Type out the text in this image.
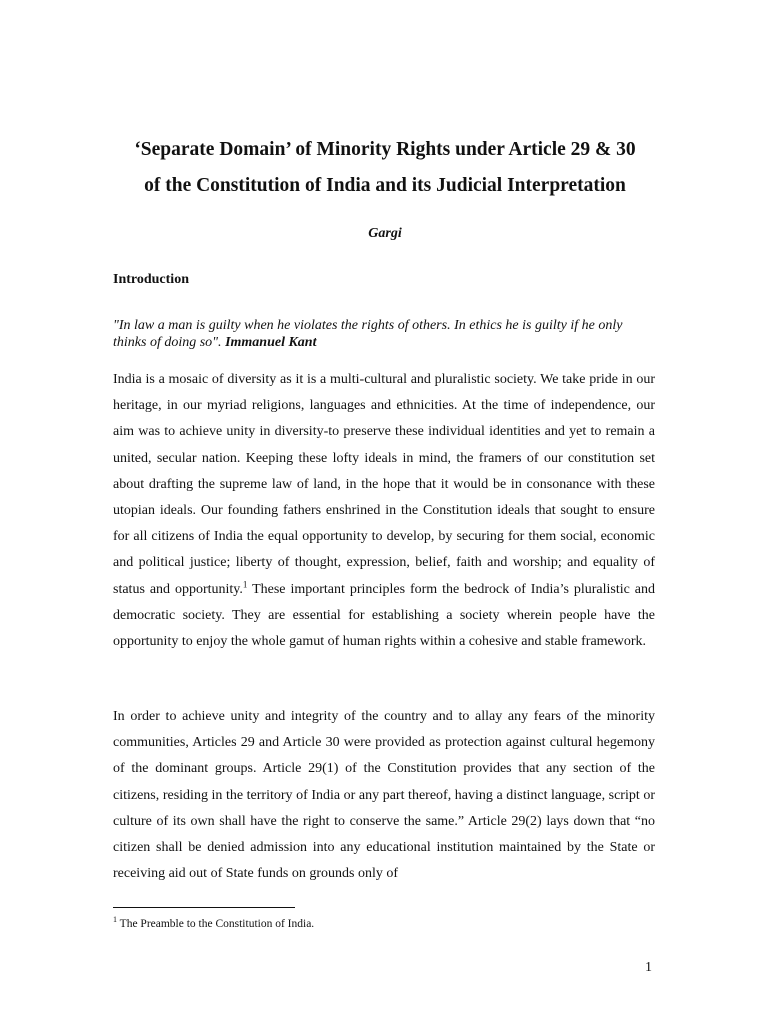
‘Separate Domain’ of Minority Rights under Article 29 & 30
of the Constitution of India and its Judicial Interpretation
Gargi
Introduction

"In law a man is guilty when he violates the rights of others. In ethics he is guilty if he only thinks of doing so". Immanuel Kant

India is a mosaic of diversity as it is a multi-cultural and pluralistic society. We take pride in our heritage, in our myriad religions, languages and ethnicities. At the time of independence, our aim was to achieve unity in diversity-to preserve these individual identities and yet to remain a united, secular nation. Keeping these lofty ideals in mind, the framers of our constitution set about drafting the supreme law of land, in the hope that it would be in consonance with these utopian ideals. Our founding fathers enshrined in the Constitution ideals that sought to ensure for all citizens of India the equal opportunity to develop, by securing for them social, economic and political justice; liberty of thought, expression, belief, faith and worship; and equality of status and opportunity.$^1$ These important principles form the bedrock of India’s pluralistic and democratic society. They are essential for establishing a society wherein people have the opportunity to enjoy the whole gamut of human rights within a cohesive and stable framework.

In order to achieve unity and integrity of the country and to allay any fears of the minority communities, Articles 29 and Article 30 were provided as protection against cultural hegemony of the dominant groups. Article 29(1) of the Constitution provides that any section of the citizens, residing in the territory of India or any part thereof, having a distinct language, script or culture of its own shall have the right to conserve the same.” Article 29(2) lays down that “no citizen shall be denied admission into any educational institution maintained by the State or receiving aid out of State funds on grounds only of

$^1$ The Preamble to the Constitution of India.
1
